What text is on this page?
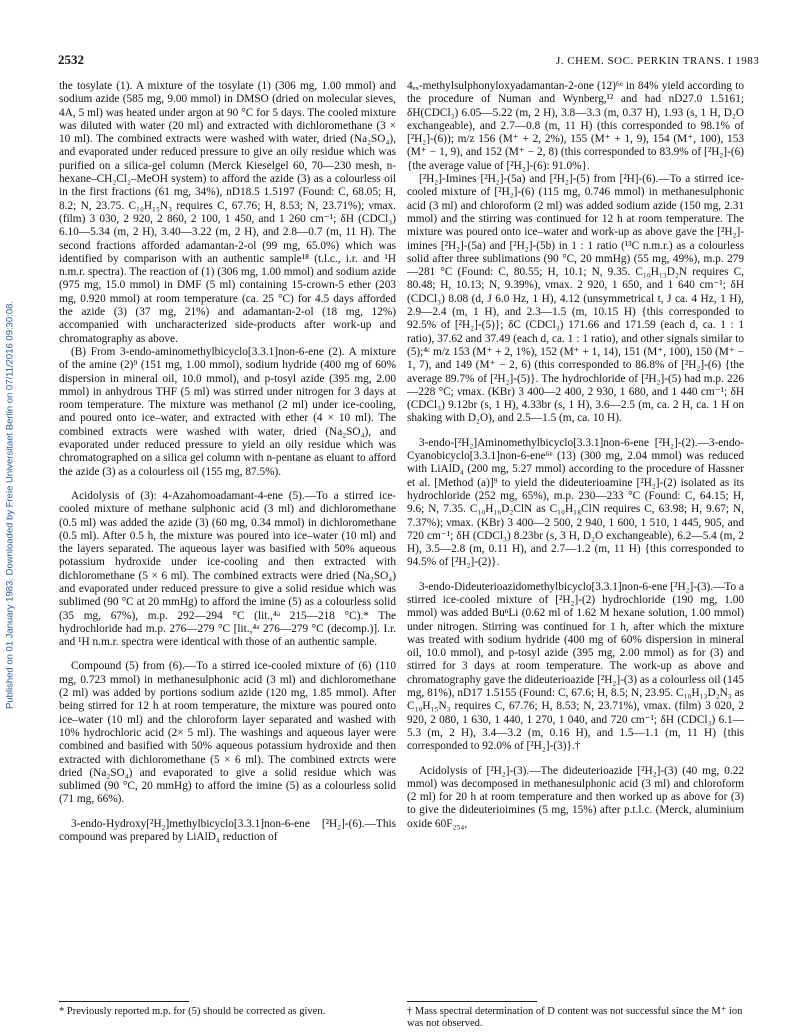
2532	J. CHEM. SOC. PERKIN TRANS. I 1983
Published on 01 January 1983. Downloaded by Freie Universitaet Berlin on 07/11/2016 09:30:08.

the tosylate (1). A mixture of the tosylate (1) (306 mg, 1.00 mmol) and sodium azide (585 mg, 9.00 mmol) in DMSO (dried on molecular sieves, 4A, 5 ml) was heated under argon at 90 °C for 5 days. The cooled mixture was diluted with water (20 ml) and extracted with dichloromethane (3 × 10 ml). The combined extracts were washed with water, dried (Na₂SO₄), and evaporated under reduced pressure to give an oily residue which was purified on a silica-gel column (Merck Kieselgel 60, 70—230 mesh, n-hexane–CH₂Cl₂–MeOH system) to afford the azide (3) as a colourless oil in the first fractions (61 mg, 34%), nD18.5 1.5197 (Found: C, 68.05; H, 8.2; N, 23.75. C₁₀H₁₅N₃ requires C, 67.76; H, 8.53; N, 23.71%); νmax. (film) 3 030, 2 920, 2 860, 2 100, 1 450, and 1 260 cm⁻¹; δH (CDCl₃) 6.10—5.34 (m, 2 H), 3.40—3.22 (m, 2 H), and 2.8—0.7 (m, 11 H). The second fractions afforded adamantan-2-ol (99 mg, 65.0%) which was identified by comparison with an authentic sample¹⁸ (t.l.c., i.r. and ¹H n.m.r. spectra). The reaction of (1) (306 mg, 1.00 mmol) and sodium azide (975 mg, 15.0 mmol) in DMF (5 ml) containing 15-crown-5 ether (203 mg, 0.920 mmol) at room temperature (ca. 25 °C) for 4.5 days afforded the azide (3) (37 mg, 21%) and adamantan-2-ol (18 mg, 12%) accompanied with uncharacterized side-products after work-up and chromatography as above.

(B) From 3-endo-aminomethylbicyclo[3.3.1]non-6-ene (2). A mixture of the amine (2)⁹ (151 mg, 1.00 mmol), sodium hydride (400 mg of 60% dispersion in mineral oil, 10.0 mmol), and p-tosyl azide (395 mg, 2.00 mmol) in anhydrous THF (5 ml) was stirred under nitrogen for 3 days at room temperature. The mixture was methanol (2 ml) under ice-cooling, and poured onto ice–water, and extracted with ether (4 × 10 ml). The combined extracts were washed with water, dried (Na₂SO₄), and evaporated under reduced pressure to yield an oily residue which was chromatographed on a silica gel column with n-pentane as eluant to afford the azide (3) as a colourless oil (155 mg, 87.5%).

Acidolysis of (3): 4-Azahomoadamant-4-ene (5).—To a stirred ice-cooled mixture of methane sulphonic acid (3 ml) and dichloromethane (0.5 ml) was added the azide (3) (60 mg, 0.34 mmol) in dichloromethane (0.5 ml). After 0.5 h, the mixture was poured into ice–water (10 ml) and the layers separated. The aqueous layer was basified with 50% aqueous potassium hydroxide under ice-cooling and then extracted with dichloromethane (5 × 6 ml). The combined extracts were dried (Na₂SO₄) and evaporated under reduced pressure to give a solid residue which was sublimed (90 °C at 20 mmHg) to afford the imine (5) as a colourless solid (35 mg, 67%), m.p. 292—294 °C (lit.,⁴ᵃ 215—218 °C).* The hydrochloride had m.p. 276—279 °C [lit.,⁴ᵃ 276—279 °C (decomp.)]. I.r. and ¹H n.m.r. spectra were identical with those of an authentic sample.

Compound (5) from (6).—To a stirred ice-cooled mixture of (6) (110 mg, 0.723 mmol) in methanesulphonic acid (3 ml) and dichloromethane (2 ml) was added by portions sodium azide (120 mg, 1.85 mmol). After being stirred for 12 h at room temperature, the mixture was poured onto ice–water (10 ml) and the chloroform layer separated and washed with 10% hydrochloric acid (2× 5 ml). The washings and aqueous layer were combined and basified with 50% aqueous potassium hydroxide and then extracted with dichloromethane (5 × 6 ml). The combined extrcts were dried (Na₂SO₄) and evaporated to give a solid residue which was sublimed (90 °C, 20 mmHg) to afford the imine (5) as a colourless solid (71 mg, 66%).

3-endo-Hydroxy[²H₂]methylbicyclo[3.3.1]non-6-ene [²H₂]-(6).—This compound was prepared by LiAlD₄ reduction of

4ₑₓ-methylsulphonyloxyadamantan-2-one (12)⁶ᵉ in 84% yield according to the procedure of Numan and Wynberg,¹² and had nD27.0 1.5161; δH(CDCl₃) 6.05—5.22 (m, 2 H), 3.8—3.3 (m, 0.37 H), 1.93 (s, 1 H, D₂O exchangeable), and 2.7—0.8 (m, 11 H) (this corresponded to 98.1% of [²H₂]-(6)); m/z 156 (M⁺ + 2, 2%), 155 (M⁺ + 1, 9), 154 (M⁺, 100), 153 (M⁺ − 1, 9), and 152 (M⁺ − 2, 8) (this corresponded to 83.9% of [²H₂]-(6) {the average value of [²H₂]-(6): 91.0%}.

[²H₂]-Imines [²H₂]-(5a) and [²H₂]-(5) from [²H]-(6).—To a stirred ice-cooled mixture of [²H₂]-(6) (115 mg, 0.746 mmol) in methanesulphonic acid (3 ml) and chloroform (2 ml) was added sodium azide (150 mg, 2.31 mmol) and the stirring was continued for 12 h at room temperature. The mixture was poured onto ice–water and work-up as above gave the [²H₂]-imines [²H₂]-(5a) and [²H₂]-(5b) in 1 : 1 ratio (¹³C n.m.r.) as a colourless solid after three sublimations (90 °C, 20 mmHg) (55 mg, 49%), m.p. 279—281 °C (Found: C, 80.55; H, 10.1; N, 9.35. C₁₀H₁₃D₂N requires C, 80.48; H, 10.13; N, 9.39%), νmax. 2 920, 1 650, and 1 640 cm⁻¹; δH (CDCl₃) 8.08 (d, J 6.0 Hz, 1 H), 4.12 (unsymmetrical t, J ca. 4 Hz, 1 H), 2.9—2.4 (m, 1 H), and 2.3—1.5 (m, 10.15 H) {this corresponded to 92.5% of [²H₂]-(5)}; δC (CDCl₃) 171.66 and 171.59 (each d, ca. 1 : 1 ratio), 37.62 and 37.49 (each d, ca. 1 : 1 ratio), and other signals similar to (5);⁴ᶜ m/z 153 (M⁺ + 2, 1%), 152 (M⁺ + 1, 14), 151 (M⁺, 100), 150 (M⁺ − 1, 7), and 149 (M⁺ − 2, 6) (this corresponded to 86.8% of [²H₂]-(6) {the average 89.7% of [²H₂]-(5)}. The hydrochloride of [²H₂]-(5) had m.p. 226—228 °C; νmax. (KBr) 3 400—2 400, 2 930, 1 680, and 1 440 cm⁻¹; δH (CDCl₃) 9.12br (s, 1 H), 4.33br (s, 1 H), 3.6—2.5 (m, ca. 2 H, ca. 1 H on shaking with D₂O), and 2.5—1.5 (m, ca. 10 H).

3-endo-[²H₂]Aminomethylbicyclo[3.3.1]non-6-ene [²H₂]-(2).—3-endo-Cyanobicyclo[3.3.1]non-6-ene⁶ᵉ (13) (300 mg, 2.04 mmol) was reduced with LiAlD₄ (200 mg, 5.27 mmol) according to the procedure of Hassner et al. [Method (a)]⁹ to yield the dideuterioamine [²H₂]-(2) isolated as its hydrochloride (252 mg, 65%), m.p. 230—233 °C (Found: C, 64.15; H, 9.6; N, 7.35. C₁₀H₁₆D₂ClN as C₁₀H₁₈ClN requires C, 63.98; H, 9.67; N, 7.37%); νmax. (KBr) 3 400—2 500, 2 940, 1 600, 1 510, 1 445, 905, and 720 cm⁻¹; δH (CDCl₃) 8.23br (s, 3 H, D₂O exchangeable), 6.2—5.4 (m, 2 H), 3.5—2.8 (m, 0.11 H), and 2.7—1.2 (m, 11 H) {this corresponded to 94.5% of [²H₂]-(2)}.

3-endo-Dideuterioazidomethylbicyclo[3.3.1]non-6-ene [²H₂]-(3).—To a stirred ice-cooled mixture of [²H₂]-(2) hydrochloride (190 mg, 1.00 mmol) was added BuⁿLi (0.62 ml of 1.62 M hexane solution, 1.00 mmol) under nitrogen. Stirring was continued for 1 h, after which the mixture was treated with sodium hydride (400 mg of 60% dispersion in mineral oil, 10.0 mmol), and p-tosyl azide (395 mg, 2.00 mmol) as for (3) and stirred for 3 days at room temperature. The work-up as above and chromatography gave the dideuterioazide [²H₂]-(3) as a colourless oil (145 mg, 81%), nD17 1.5155 (Found: C, 67.6; H, 8.5; N, 23.95. C₁₀H₁₃D₂N₃ as C₁₀H₁₅N₃ requires C, 67.76; H, 8.53; N, 23.71%), νmax. (film) 3 020, 2 920, 2 080, 1 630, 1 440, 1 270, 1 040, and 720 cm⁻¹; δH (CDCl₃) 6.1—5.3 (m, 2 H), 3.4—3.2 (m, 0.16 H), and 1.5—1.1 (m, 11 H) {this corresponded to 92.0% of [²H₂]-(3)}.†

Acidolysis of [²H₂]-(3).—The dideuterioazide [²H₂]-(3) (40 mg, 0.22 mmol) was decomposed in methanesulphonic acid (3 ml) and chloroform (2 ml) for 20 h at room temperature and then worked up as above for (3) to give the dideuterioimines (5 mg, 15%) after p.t.l.c. (Merck, aluminium oxide 60F₂₅₄,

* Previously reported m.p. for (5) should be corrected as given.	† Mass spectral determination of D content was not successful since the M⁺ ion was not observed.
